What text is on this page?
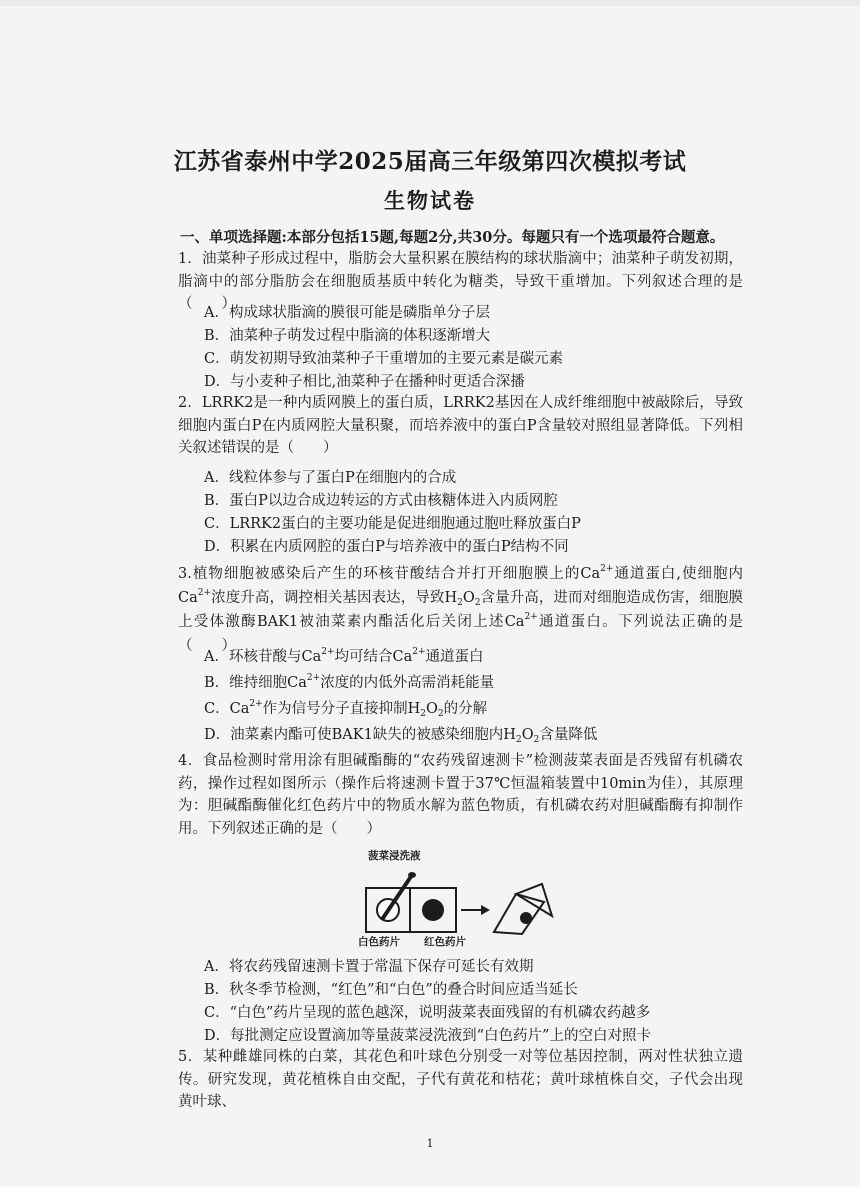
江苏省泰州中学2025届高三年级第四次模拟考试
生物试卷
一、单项选择题:本部分包括15题,每题2分,共30分。每题只有一个选项最符合题意。
1．油菜种子形成过程中，脂肪会大量积累在膜结构的球状脂滴中；油菜种子萌发初期，脂滴中的部分脂肪会在细胞质基质中转化为糖类，导致干重增加。下列叙述合理的是（　　）
A．构成球状脂滴的膜很可能是磷脂单分子层
B．油菜种子萌发过程中脂滴的体积逐渐增大
C．萌发初期导致油菜种子干重增加的主要元素是碳元素
D．与小麦种子相比,油菜种子在播种时更适合深播
2．LRRK2是一种内质网膜上的蛋白质，LRRK2基因在人成纤维细胞中被敲除后，导致细胞内蛋白P在内质网腔大量积聚，而培养液中的蛋白P含量较对照组显著降低。下列相关叙述错误的是（　　）
A．线粒体参与了蛋白P在细胞内的合成
B．蛋白P以边合成边转运的方式由核糖体进入内质网腔
C．LRRK2蛋白的主要功能是促进细胞通过胞吐释放蛋白P
D．积累在内质网腔的蛋白P与培养液中的蛋白P结构不同
3.植物细胞被感染后产生的环核苷酸结合并打开细胞膜上的$Ca^{2+}$通道蛋白,使细胞内$Ca^{2+}$浓度升高，调控相关基因表达，导致$H_2O_2$含量升高，进而对细胞造成伤害，细胞膜上受体激酶BAK1被油菜素内酯活化后关闭上述$Ca^{2+}$通道蛋白。下列说法正确的是（　　）
A．环核苷酸与$Ca^{2+}$均可结合$Ca^{2+}$通道蛋白
B．维持细胞$Ca^{2+}$浓度的内低外高需消耗能量
C．$Ca^{2+}$作为信号分子直接抑制$H_2O_2$的分解
D．油菜素内酯可使BAK1缺失的被感染细胞内$H_2O_2$含量降低
4．食品检测时常用涂有胆碱酯酶的“农药残留速测卡”检测菠菜表面是否残留有机磷农药，操作过程如图所示（操作后将速测卡置于37℃恒温箱装置中10min为佳），其原理为：胆碱酯酶催化红色药片中的物质水解为蓝色物质，有机磷农药对胆碱酯酶有抑制作用。下列叙述正确的是（　　）
菠菜浸洗液
白色药片 红色药片
A．将农药残留速测卡置于常温下保存可延长有效期
B．秋冬季节检测，“红色”和“白色”的叠合时间应适当延长
C．“白色”药片呈现的蓝色越深，说明菠菜表面残留的有机磷农药越多
D．每批测定应设置滴加等量菠菜浸洗液到“白色药片”上的空白对照卡
5．某种雌雄同株的白菜，其花色和叶球色分别受一对等位基因控制，两对性状独立遗传。研究发现，黄花植株自由交配，子代有黄花和桔花；黄叶球植株自交，子代会出现黄叶球、
1
